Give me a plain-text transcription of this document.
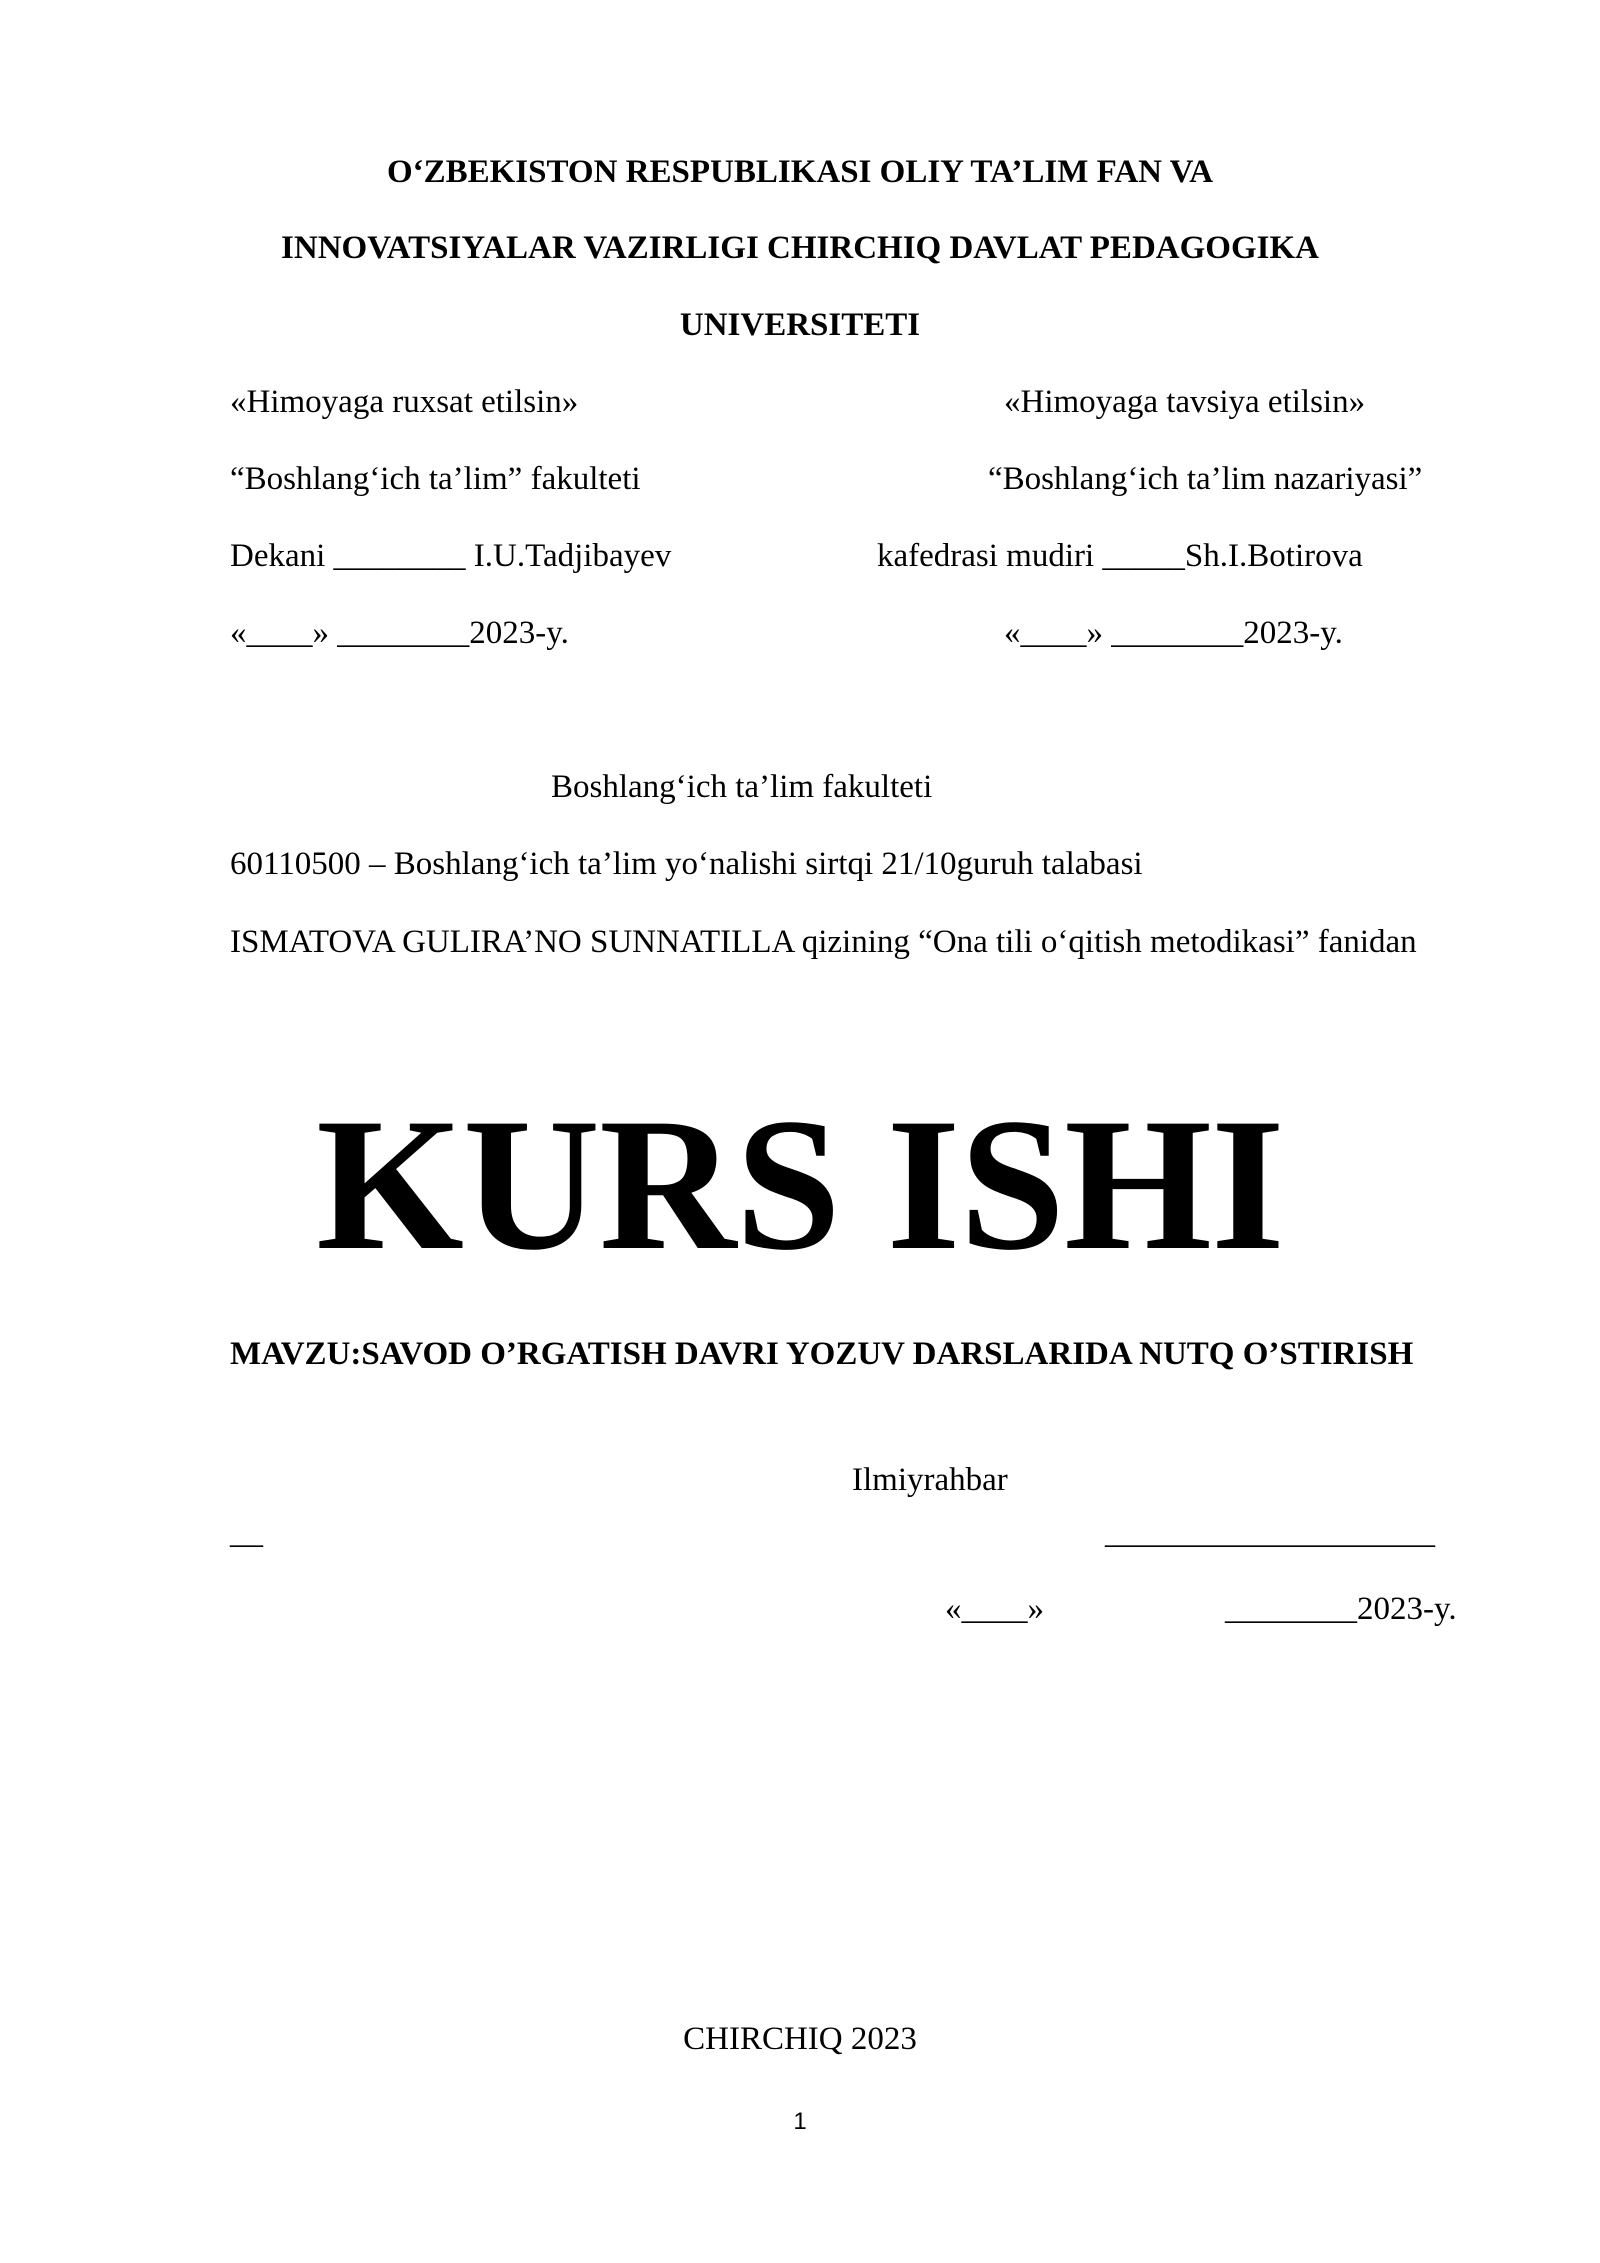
O‘ZBEKISTON RESPUBLIKASI OLIY TA’LIM FAN VA
INNOVATSIYALAR VAZIRLIGI CHIRCHIQ DAVLAT PEDAGOGIKA
UNIVERSITETI
«Himoyaga ruxsat etilsin»
“Boshlang‘ich ta’lim” fakulteti
Dekani ________ I.U.Tadjibayev
«____» ________2023-y.
«Himoyaga tavsiya etilsin»
“Boshlang‘ich ta’lim nazariyasi”
kafedrasi mudiri _____Sh.I.Botirova
«____» ________2023-y.
Boshlang‘ich ta’lim fakulteti
60110500 – Boshlang‘ich ta’lim yo‘nalishi sirtqi 21/10guruh talabasi
ISMATOVA GULIRA’NO SUNNATILLA qizining “Ona tili o‘qitish metodikasi” fanidan
KURS ISHI
MAVZU:SAVOD O’RGATISH DAVRI YOZUV DARSLARIDA NUTQ O’STIRISH
Ilmiyrahbar
__	____________________
«____»	________2023-y.
CHIRCHIQ 2023
1
